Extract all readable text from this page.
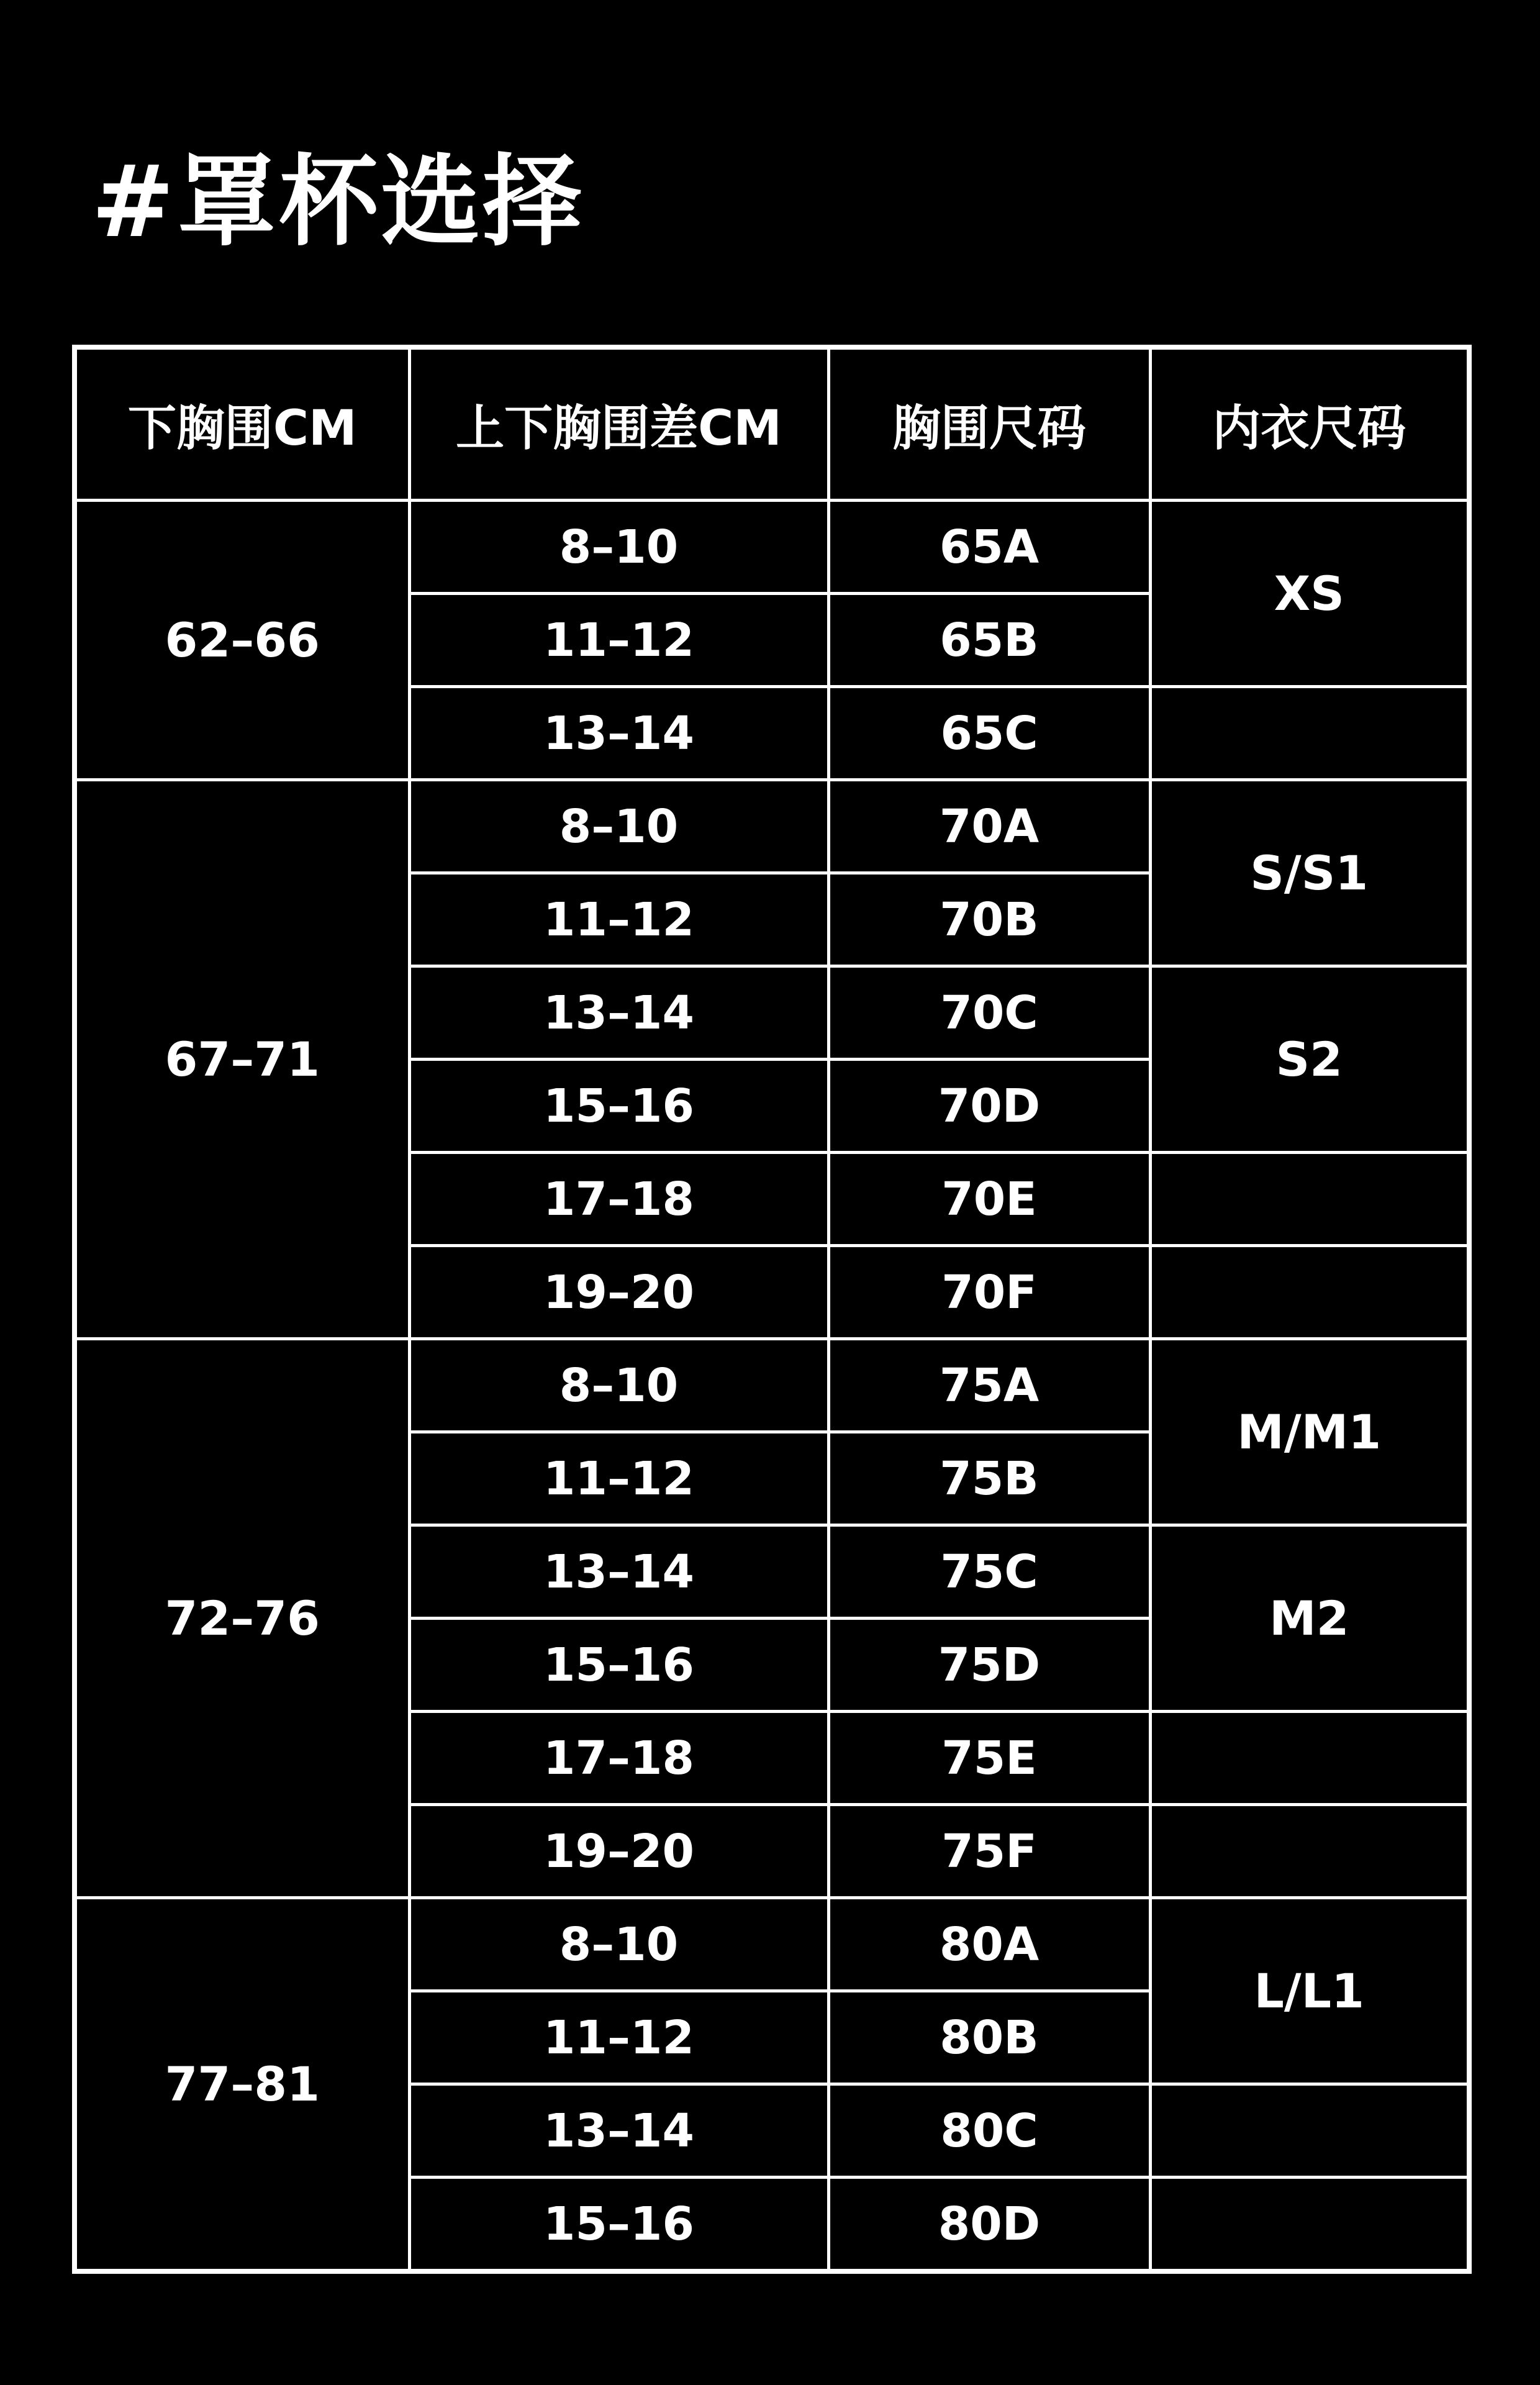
#罩杯选择
下胸围CM	上下胸围差CM	胸围尺码	内衣尺码
62–66	8–10	65A	XS
	11–12	65B	
	13–14	65C	
67–71	8–10	70A	S/S1
	11–12	70B	
	13–14	70C	S2
	15–16	70D	
	17–18	70E	
	19–20	70F	
72–76	8–10	75A	M/M1
	11–12	75B	
	13–14	75C	M2
	15–16	75D	
	17–18	75E	
	19–20	75F	
77–81	8–10	80A	L/L1
	11–12	80B	
	13–14	80C	
	15–16	80D	
